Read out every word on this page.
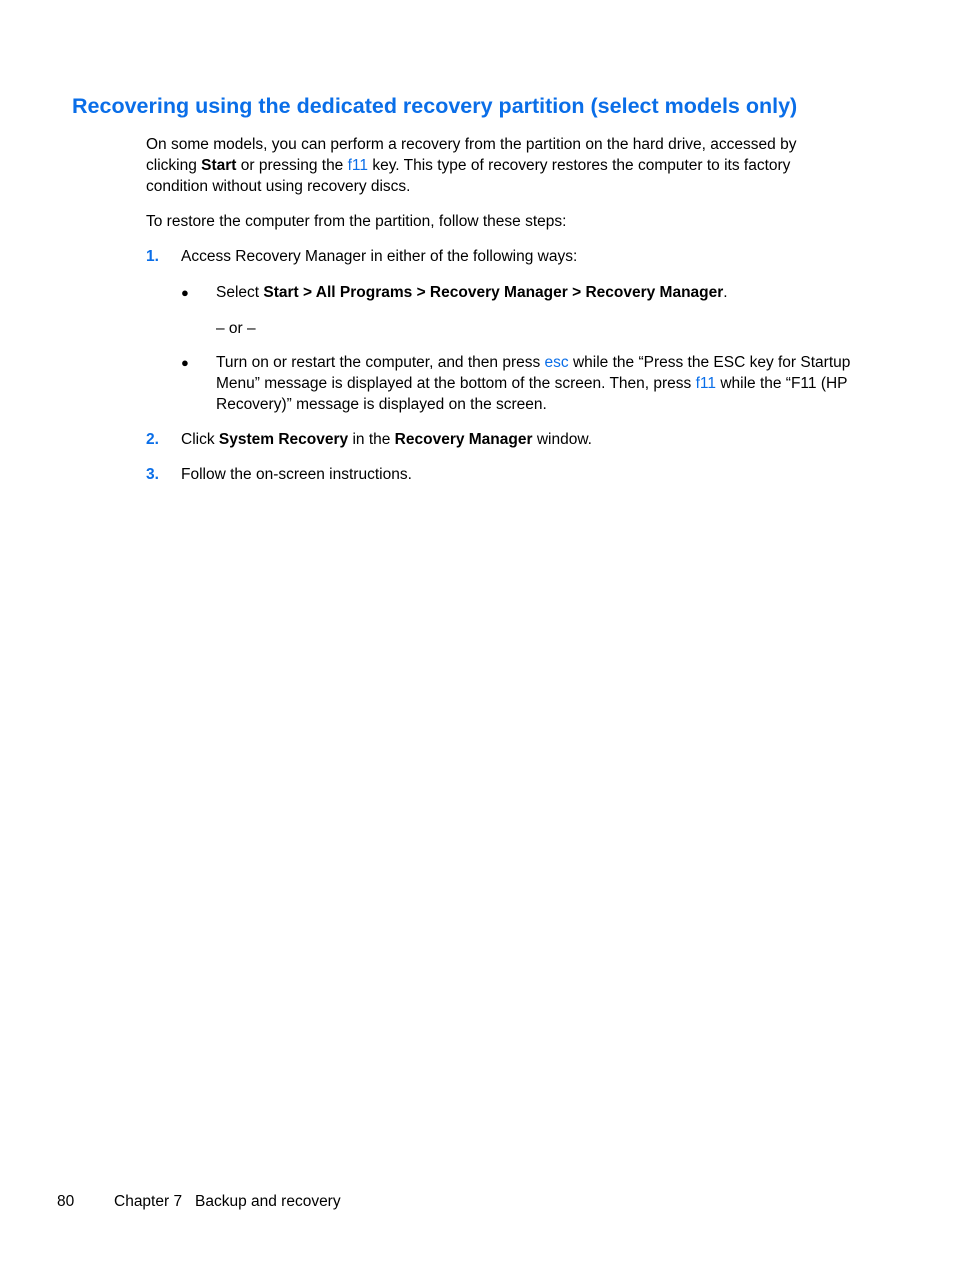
Recovering using the dedicated recovery partition (select models only)

On some models, you can perform a recovery from the partition on the hard drive, accessed by clicking Start or pressing the f11 key. This type of recovery restores the computer to its factory condition without using recovery discs.

To restore the computer from the partition, follow these steps:

1. Access Recovery Manager in either of the following ways:
●	Select Start > All Programs > Recovery Manager > Recovery Manager.
– or –
●	Turn on or restart the computer, and then press esc while the “Press the ESC key for Startup Menu” message is displayed at the bottom of the screen. Then, press f11 while the “F11 (HP Recovery)” message is displayed on the screen.
2. Click System Recovery in the Recovery Manager window.
3. Follow the on-screen instructions.
80	Chapter 7   Backup and recovery
